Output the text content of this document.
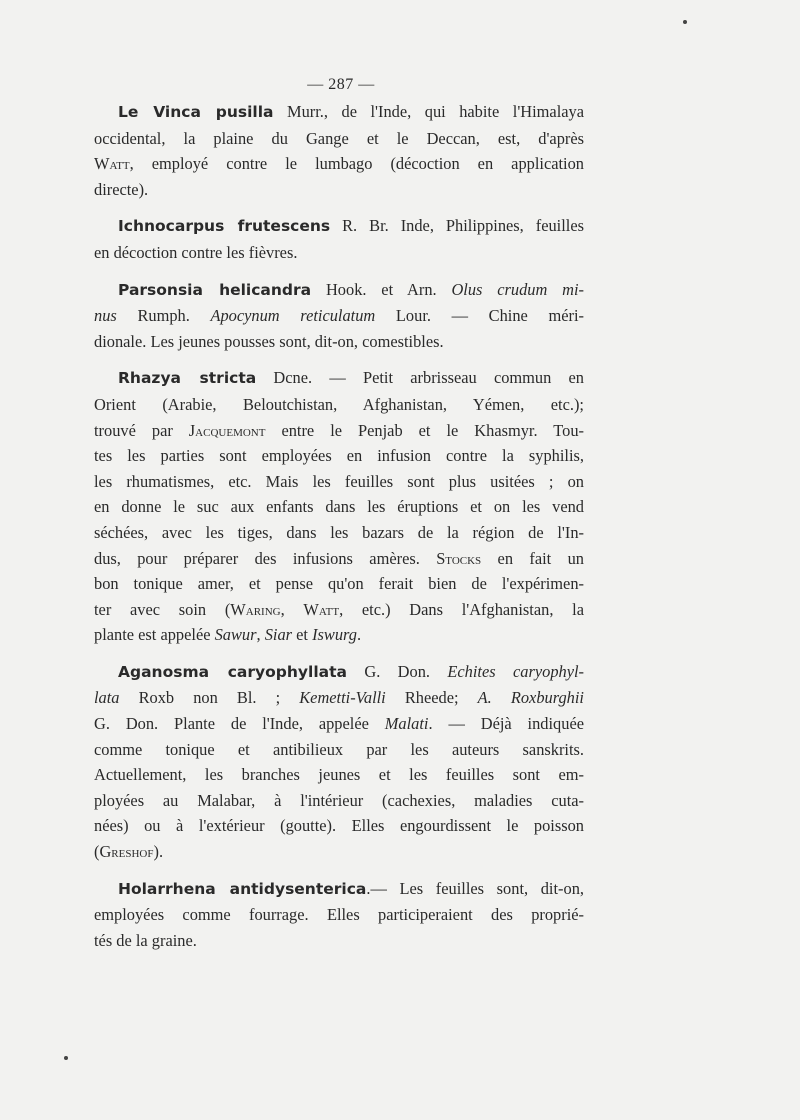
— 287 —

Le Vinca pusilla Murr., de l'Inde, qui habite l'Himalaya
occidental, la plaine du Gange et le Deccan, est, d'après
Watt, employé contre le lumbago (décoction en application
directe).

Ichnocarpus frutescens R. Br. Inde, Philippines, feuilles
en décoction contre les fièvres.

Parsonsia helicandra Hook. et Arn. Olus crudum mi-
nus Rumph. Apocynum reticulatum Lour. — Chine méri-
dionale. Les jeunes pousses sont, dit-on, comestibles.

Rhazya stricta Dcne. — Petit arbrisseau commun en
Orient (Arabie, Beloutchistan, Afghanistan, Yémen, etc.);
trouvé par Jacquemont entre le Penjab et le Khasmyr. Tou-
tes les parties sont employées en infusion contre la syphilis,
les rhumatismes, etc. Mais les feuilles sont plus usitées ; on
en donne le suc aux enfants dans les éruptions et on les vend
séchées, avec les tiges, dans les bazars de la région de l'In-
dus, pour préparer des infusions amères. Stocks en fait un
bon tonique amer, et pense qu'on ferait bien de l'expérimen-
ter avec soin (Waring, Watt, etc.) Dans l'Afghanistan, la
plante est appelée Sawur, Siar et Iswurg.

Aganosma caryophyllata G. Don. Echites caryophyl-
lata Roxb non Bl. ; Kemetti-Valli Rheede; A. Roxburghii
G. Don. Plante de l'Inde, appelée Malati. — Déjà indiquée
comme tonique et antibilieux par les auteurs sanskrits.
Actuellement, les branches jeunes et les feuilles sont em-
ployées au Malabar, à l'intérieur (cachexies, maladies cuta-
nées) ou à l'extérieur (goutte). Elles engourdissent le poisson
(Greshof).

Holarrhena antidysenterica.— Les feuilles sont, dit-on,
employées comme fourrage. Elles participeraient des proprié-
tés de la graine.
